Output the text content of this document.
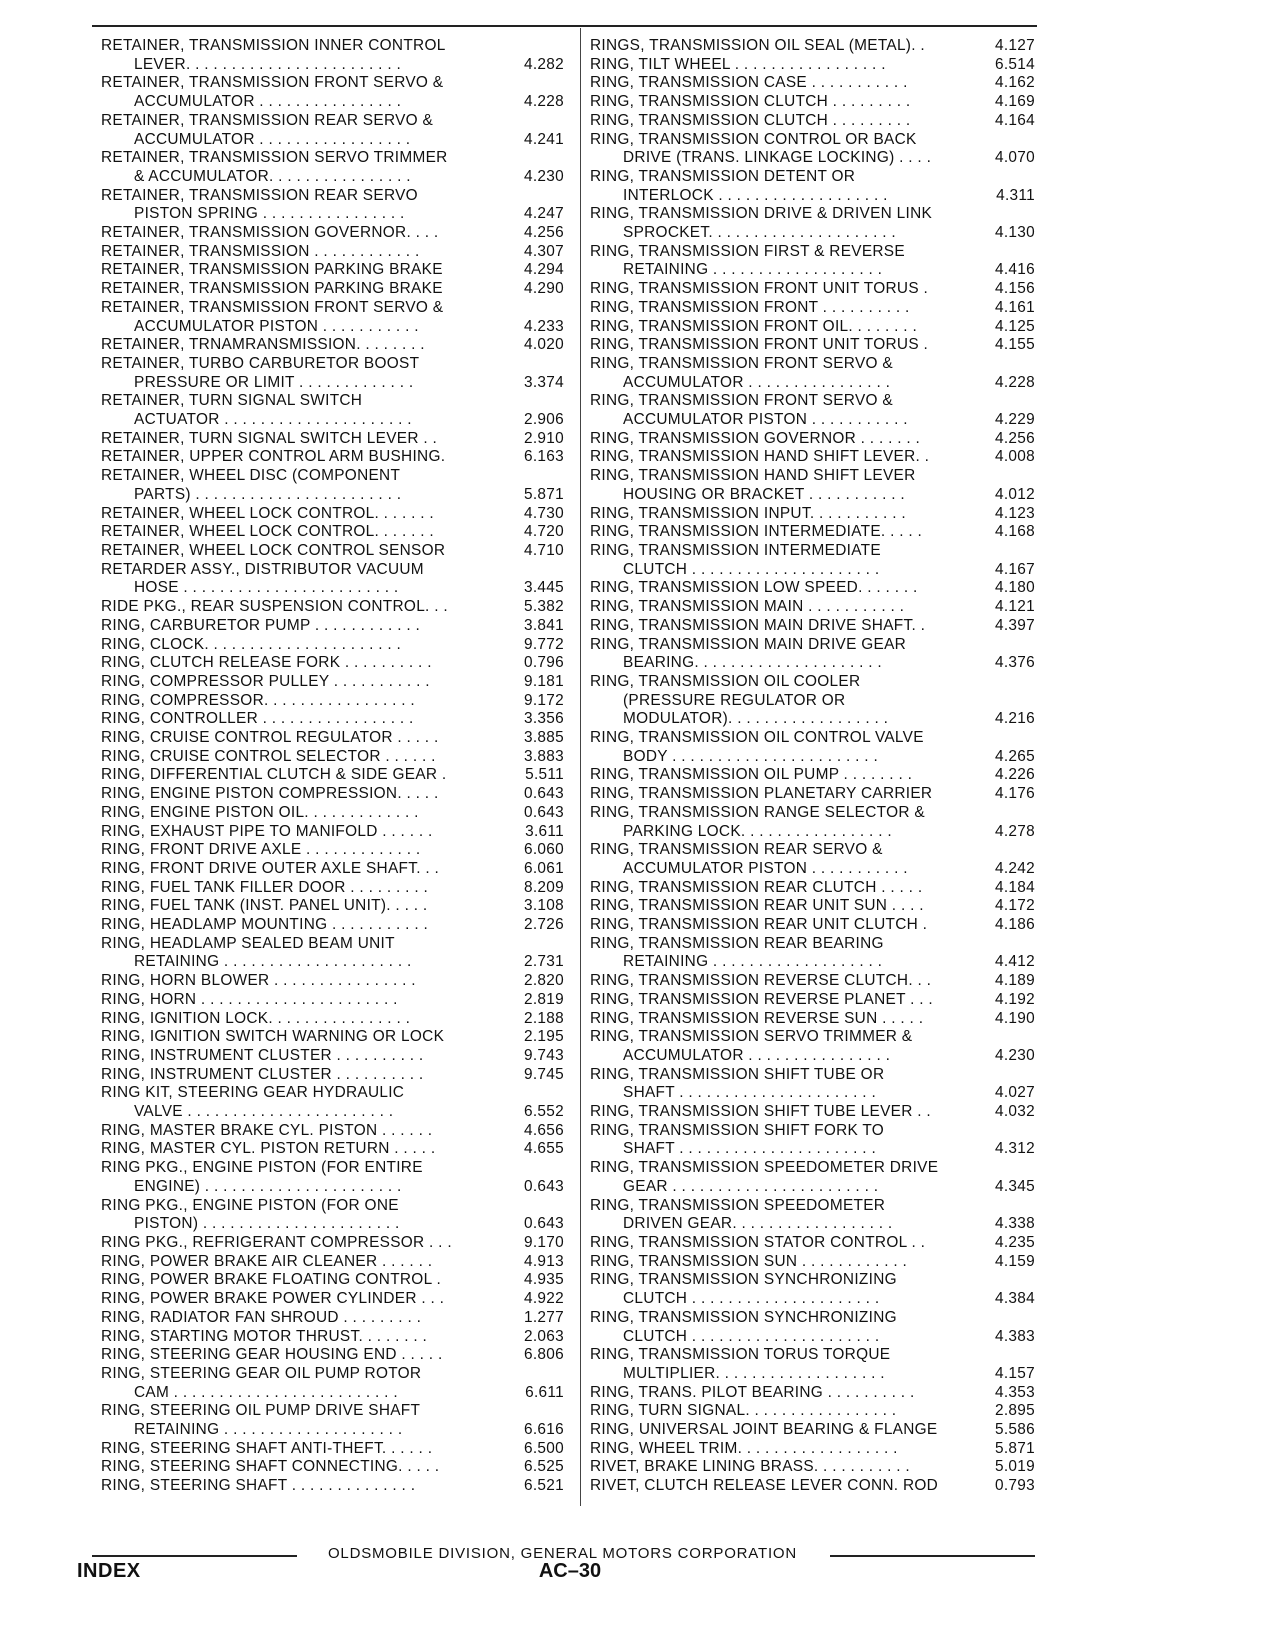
RETAINER, TRANSMISSION INNER CONTROL
LEVER. . . . . . . . . . . . . . . . . . . . . . . .	4.282
RETAINER, TRANSMISSION FRONT SERVO &
ACCUMULATOR . . . . . . . . . . . . . . . .	4.228
RETAINER, TRANSMISSION REAR SERVO &
ACCUMULATOR . . . . . . . . . . . . . . . . .	4.241
RETAINER, TRANSMISSION SERVO TRIMMER
& ACCUMULATOR. . . . . . . . . . . . . . . .	4.230
RETAINER, TRANSMISSION REAR SERVO
PISTON SPRING . . . . . . . . . . . . . . . .	4.247
RETAINER, TRANSMISSION GOVERNOR. . . .	4.256
RETAINER, TRANSMISSION . . . . . . . . . . . .	4.307
RETAINER, TRANSMISSION PARKING BRAKE	4.294
RETAINER, TRANSMISSION PARKING BRAKE	4.290
RETAINER, TRANSMISSION FRONT SERVO &
ACCUMULATOR PISTON . . . . . . . . . . .	4.233
RETAINER, TRNAMRANSMISSION. . . . . . . .	4.020
RETAINER, TURBO CARBURETOR BOOST
PRESSURE OR LIMIT . . . . . . . . . . . . .	3.374
RETAINER, TURN SIGNAL SWITCH
ACTUATOR . . . . . . . . . . . . . . . . . . . . .	2.906
RETAINER, TURN SIGNAL SWITCH LEVER . .	2.910
RETAINER, UPPER CONTROL ARM BUSHING.	6.163
RETAINER, WHEEL DISC (COMPONENT
PARTS) . . . . . . . . . . . . . . . . . . . . . . .	5.871
RETAINER, WHEEL LOCK CONTROL. . . . . . .	4.730
RETAINER, WHEEL LOCK CONTROL. . . . . . .	4.720
RETAINER, WHEEL LOCK CONTROL SENSOR	4.710
RETARDER ASSY., DISTRIBUTOR VACUUM
HOSE . . . . . . . . . . . . . . . . . . . . . . . .	3.445
RIDE PKG., REAR SUSPENSION CONTROL. . .	5.382
RING, CARBURETOR PUMP . . . . . . . . . . . .	3.841
RING, CLOCK. . . . . . . . . . . . . . . . . . . . . .	9.772
RING, CLUTCH RELEASE FORK . . . . . . . . . .	0.796
RING, COMPRESSOR PULLEY . . . . . . . . . . .	9.181
RING, COMPRESSOR. . . . . . . . . . . . . . . . .	9.172
RING, CONTROLLER . . . . . . . . . . . . . . . . .	3.356
RING, CRUISE CONTROL REGULATOR . . . . .	3.885
RING, CRUISE CONTROL SELECTOR . . . . . .	3.883
RING, DIFFERENTIAL CLUTCH & SIDE GEAR .	5.511
RING, ENGINE PISTON COMPRESSION. . . . .	0.643
RING, ENGINE PISTON OIL. . . . . . . . . . . . .	0.643
RING, EXHAUST PIPE TO MANIFOLD . . . . . .	3.611
RING, FRONT DRIVE AXLE . . . . . . . . . . . . .	6.060
RING, FRONT DRIVE OUTER AXLE SHAFT. . .	6.061
RING, FUEL TANK FILLER DOOR . . . . . . . . .	8.209
RING, FUEL TANK (INST. PANEL UNIT). . . . .	3.108
RING, HEADLAMP MOUNTING . . . . . . . . . . .	2.726
RING, HEADLAMP SEALED BEAM UNIT
RETAINING . . . . . . . . . . . . . . . . . . . . .	2.731
RING, HORN BLOWER . . . . . . . . . . . . . . . .	2.820
RING, HORN . . . . . . . . . . . . . . . . . . . . . .	2.819
RING, IGNITION LOCK. . . . . . . . . . . . . . . .	2.188
RING, IGNITION SWITCH WARNING OR LOCK	2.195
RING, INSTRUMENT CLUSTER . . . . . . . . . .	9.743
RING, INSTRUMENT CLUSTER . . . . . . . . . .	9.745
RING KIT, STEERING GEAR HYDRAULIC
VALVE . . . . . . . . . . . . . . . . . . . . . . .	6.552
RING, MASTER BRAKE CYL. PISTON . . . . . .	4.656
RING, MASTER CYL. PISTON RETURN . . . . .	4.655
RING PKG., ENGINE PISTON (FOR ENTIRE
ENGINE) . . . . . . . . . . . . . . . . . . . . . .	0.643
RING PKG., ENGINE PISTON (FOR ONE
PISTON) . . . . . . . . . . . . . . . . . . . . . .	0.643
RING PKG., REFRIGERANT COMPRESSOR . . .	9.170
RING, POWER BRAKE AIR CLEANER . . . . . .	4.913
RING, POWER BRAKE FLOATING CONTROL .	4.935
RING, POWER BRAKE POWER CYLINDER . . .	4.922
RING, RADIATOR FAN SHROUD . . . . . . . . .	1.277
RING, STARTING MOTOR THRUST. . . . . . . .	2.063
RING, STEERING GEAR HOUSING END . . . . .	6.806
RING, STEERING GEAR OIL PUMP ROTOR
CAM . . . . . . . . . . . . . . . . . . . . . . . . .	6.611
RING, STEERING OIL PUMP DRIVE SHAFT
RETAINING . . . . . . . . . . . . . . . . . . . .	6.616
RING, STEERING SHAFT ANTI-THEFT. . . . . .	6.500
RING, STEERING SHAFT CONNECTING. . . . .	6.525
RING, STEERING SHAFT . . . . . . . . . . . . . .	6.521
RINGS, TRANSMISSION OIL SEAL (METAL). .	4.127
RING, TILT WHEEL . . . . . . . . . . . . . . . . .	6.514
RING, TRANSMISSION CASE . . . . . . . . . . .	4.162
RING, TRANSMISSION CLUTCH . . . . . . . . .	4.169
RING, TRANSMISSION CLUTCH . . . . . . . . .	4.164
RING, TRANSMISSION CONTROL OR BACK
DRIVE (TRANS. LINKAGE LOCKING) . . . .	4.070
RING, TRANSMISSION DETENT OR
INTERLOCK . . . . . . . . . . . . . . . . . . .	4.311
RING, TRANSMISSION DRIVE & DRIVEN LINK
SPROCKET. . . . . . . . . . . . . . . . . . . . .	4.130
RING, TRANSMISSION FIRST & REVERSE
RETAINING . . . . . . . . . . . . . . . . . . .	4.416
RING, TRANSMISSION FRONT UNIT TORUS .	4.156
RING, TRANSMISSION FRONT . . . . . . . . . .	4.161
RING, TRANSMISSION FRONT OIL. . . . . . . .	4.125
RING, TRANSMISSION FRONT UNIT TORUS .	4.155
RING, TRANSMISSION FRONT SERVO &
ACCUMULATOR . . . . . . . . . . . . . . . .	4.228
RING, TRANSMISSION FRONT SERVO &
ACCUMULATOR PISTON . . . . . . . . . . .	4.229
RING, TRANSMISSION GOVERNOR . . . . . . .	4.256
RING, TRANSMISSION HAND SHIFT LEVER. .	4.008
RING, TRANSMISSION HAND SHIFT LEVER
HOUSING OR BRACKET . . . . . . . . . . .	4.012
RING, TRANSMISSION INPUT. . . . . . . . . . .	4.123
RING, TRANSMISSION INTERMEDIATE. . . . .	4.168
RING, TRANSMISSION INTERMEDIATE
CLUTCH . . . . . . . . . . . . . . . . . . . . .	4.167
RING, TRANSMISSION LOW SPEED. . . . . . .	4.180
RING, TRANSMISSION MAIN . . . . . . . . . . .	4.121
RING, TRANSMISSION MAIN DRIVE SHAFT. .	4.397
RING, TRANSMISSION MAIN DRIVE GEAR
BEARING. . . . . . . . . . . . . . . . . . . . .	4.376
RING, TRANSMISSION OIL COOLER
(PRESSURE REGULATOR OR
MODULATOR). . . . . . . . . . . . . . . . . .	4.216
RING, TRANSMISSION OIL CONTROL VALVE
BODY . . . . . . . . . . . . . . . . . . . . . . .	4.265
RING, TRANSMISSION OIL PUMP . . . . . . . .	4.226
RING, TRANSMISSION PLANETARY CARRIER	4.176
RING, TRANSMISSION RANGE SELECTOR &
PARKING LOCK. . . . . . . . . . . . . . . . .	4.278
RING, TRANSMISSION REAR SERVO &
ACCUMULATOR PISTON . . . . . . . . . . .	4.242
RING, TRANSMISSION REAR CLUTCH . . . . .	4.184
RING, TRANSMISSION REAR UNIT SUN . . . .	4.172
RING, TRANSMISSION REAR UNIT CLUTCH .	4.186
RING, TRANSMISSION REAR BEARING
RETAINING . . . . . . . . . . . . . . . . . . .	4.412
RING, TRANSMISSION REVERSE CLUTCH. . .	4.189
RING, TRANSMISSION REVERSE PLANET . . .	4.192
RING, TRANSMISSION REVERSE SUN . . . . .	4.190
RING, TRANSMISSION SERVO TRIMMER &
ACCUMULATOR . . . . . . . . . . . . . . . .	4.230
RING, TRANSMISSION SHIFT TUBE OR
SHAFT . . . . . . . . . . . . . . . . . . . . . .	4.027
RING, TRANSMISSION SHIFT TUBE LEVER . .	4.032
RING, TRANSMISSION SHIFT FORK TO
SHAFT . . . . . . . . . . . . . . . . . . . . . .	4.312
RING, TRANSMISSION SPEEDOMETER DRIVE
GEAR . . . . . . . . . . . . . . . . . . . . . . .	4.345
RING, TRANSMISSION SPEEDOMETER
DRIVEN GEAR. . . . . . . . . . . . . . . . . .	4.338
RING, TRANSMISSION STATOR CONTROL . .	4.235
RING, TRANSMISSION SUN . . . . . . . . . . . .	4.159
RING, TRANSMISSION SYNCHRONIZING
CLUTCH . . . . . . . . . . . . . . . . . . . . .	4.384
RING, TRANSMISSION SYNCHRONIZING
CLUTCH . . . . . . . . . . . . . . . . . . . . .	4.383
RING, TRANSMISSION TORUS TORQUE
MULTIPLIER. . . . . . . . . . . . . . . . . . .	4.157
RING, TRANS. PILOT BEARING . . . . . . . . . .	4.353
RING, TURN SIGNAL. . . . . . . . . . . . . . . . .	2.895
RING, UNIVERSAL JOINT BEARING & FLANGE	5.586
RING, WHEEL TRIM. . . . . . . . . . . . . . . . . .	5.871
RIVET, BRAKE LINING BRASS. . . . . . . . . . .	5.019
RIVET, CLUTCH RELEASE LEVER CONN. ROD	0.793
OLDSMOBILE DIVISION, GENERAL MOTORS CORPORATION
INDEX	AC–30
